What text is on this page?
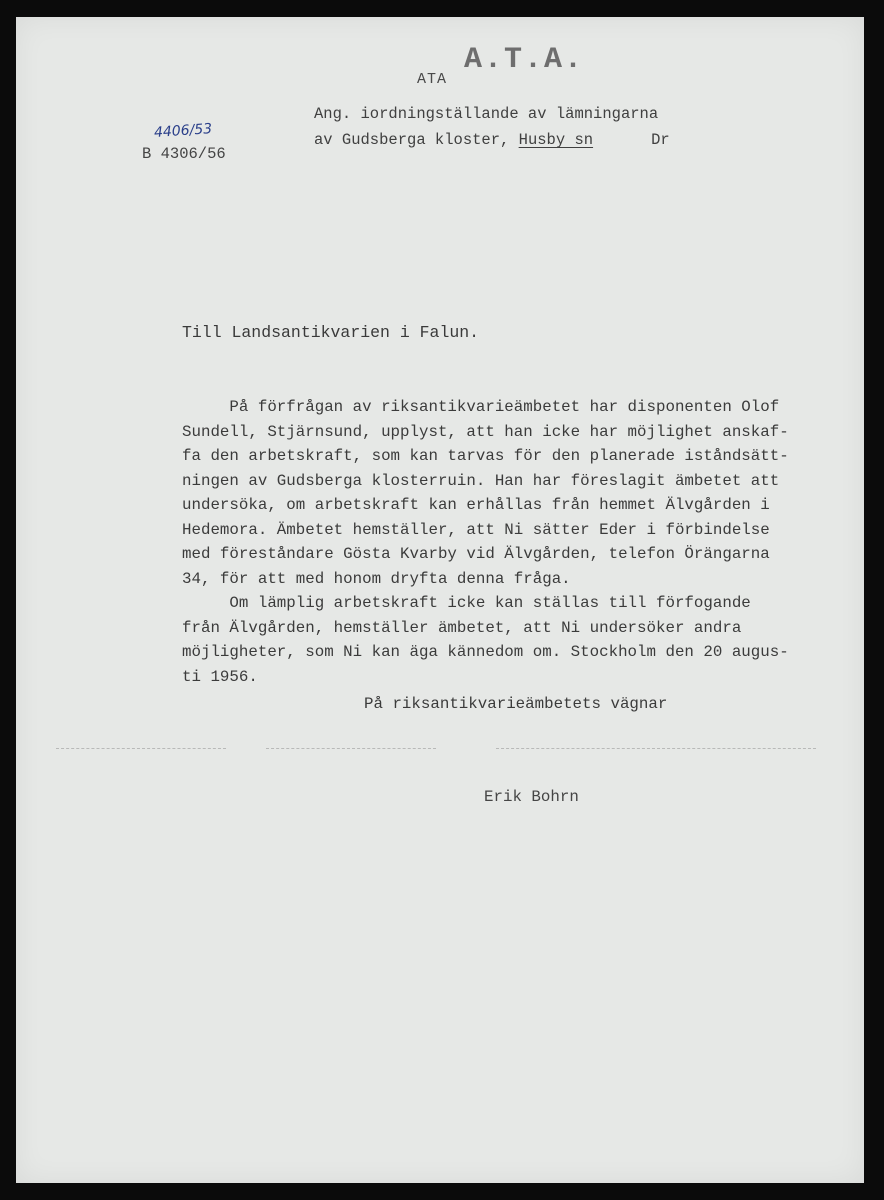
ATA
A.T.A.
Ang. iordningställande av lämningarna
av Gudsberga kloster, Husby sn	Dr
4406/53
B 4306/56
Till Landsantikvarien i Falun.
På förfrågan av riksantikvarieämbetet har disponenten Olof
Sundell, Stjärnsund, upplyst, att han icke har möjlighet anskaf-
fa den arbetskraft, som kan tarvas för den planerade iståndsätt-
ningen av Gudsberga klosterruin. Han har föreslagit ämbetet att
undersöka, om arbetskraft kan erhållas från hemmet Älvgården i
Hedemora. Ämbetet hemställer, att Ni sätter Eder i förbindelse
med föreståndare Gösta Kvarby vid Älvgården, telefon Örängarna
34, för att med honom dryfta denna fråga.
Om lämplig arbetskraft icke kan ställas till förfogande
från Älvgården, hemställer ämbetet, att Ni undersöker andra
möjligheter, som Ni kan äga kännedom om. Stockholm den 20 augus-
ti 1956.
På riksantikvarieämbetets vägnar
Erik Bohrn
